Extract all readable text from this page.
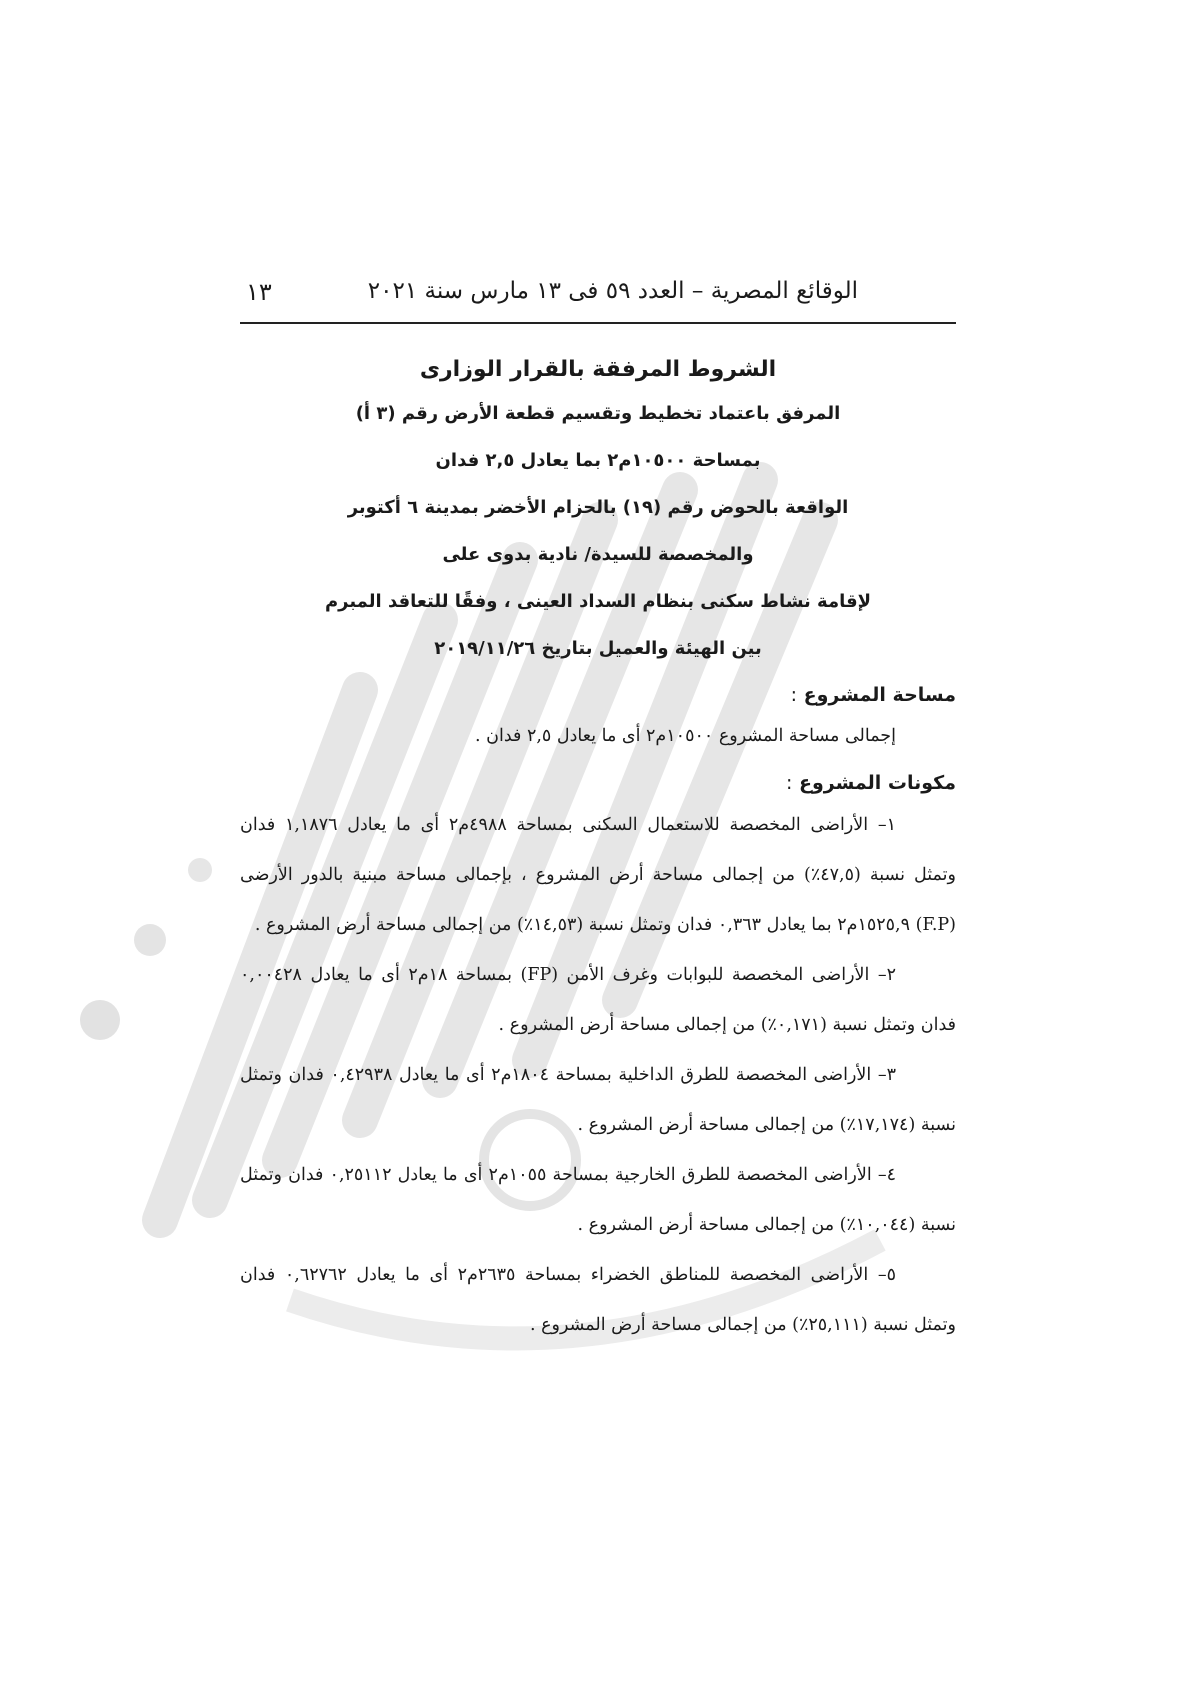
الوقائع المصرية – العدد ٥٩ فى ١٣ مارس سنة ٢٠٢١
١٣
الشروط المرفقة بالقرار الوزارى
المرفق باعتماد تخطيط وتقسيم قطعة الأرض رقم (٣ أ)
بمساحة ١٠٥٠٠م٢ بما يعادل ٢,٥ فدان
الواقعة بالحوض رقم (١٩) بالحزام الأخضر بمدينة ٦ أكتوبر
والمخصصة للسيدة/ نادية بدوى على
لإقامة نشاط سكنى بنظام السداد العينى ، وفقًا للتعاقد المبرم
بين الهيئة والعميل بتاريخ ٢٠١٩/١١/٢٦
مساحة المشروع :
إجمالى مساحة المشروع ١٠٥٠٠م٢ أى ما يعادل ٢,٥ فدان .
مكونات المشروع :
١– الأراضى المخصصة للاستعمال السكنى بمساحة ٤٩٨٨م٢ أى ما يعادل ١,١٨٧٦ فدان وتمثل نسبة (٤٧,٥٪) من إجمالى مساحة أرض المشروع ، بإجمالى مساحة مبنية بالدور الأرضى (F.P) ١٥٢٥,٩م٢ بما يعادل ٠,٣٦٣ فدان وتمثل نسبة (١٤,٥٣٪) من إجمالى مساحة أرض المشروع .
٢– الأراضى المخصصة للبوابات وغرف الأمن (FP) بمساحة ١٨م٢ أى ما يعادل ٠,٠٠٤٢٨ فدان وتمثل نسبة (٠,١٧١٪) من إجمالى مساحة أرض المشروع .
٣– الأراضى المخصصة للطرق الداخلية بمساحة ١٨٠٤م٢ أى ما يعادل ٠,٤٢٩٣٨ فدان وتمثل نسبة (١٧,١٧٤٪) من إجمالى مساحة أرض المشروع .
٤– الأراضى المخصصة للطرق الخارجية بمساحة ١٠٥٥م٢ أى ما يعادل ٠,٢٥١١٢ فدان وتمثل نسبة (١٠,٠٤٤٪) من إجمالى مساحة أرض المشروع .
٥– الأراضى المخصصة للمناطق الخضراء بمساحة ٢٦٣٥م٢ أى ما يعادل ٠,٦٢٧٦٢ فدان وتمثل نسبة (٢٥,١١١٪) من إجمالى مساحة أرض المشروع .
